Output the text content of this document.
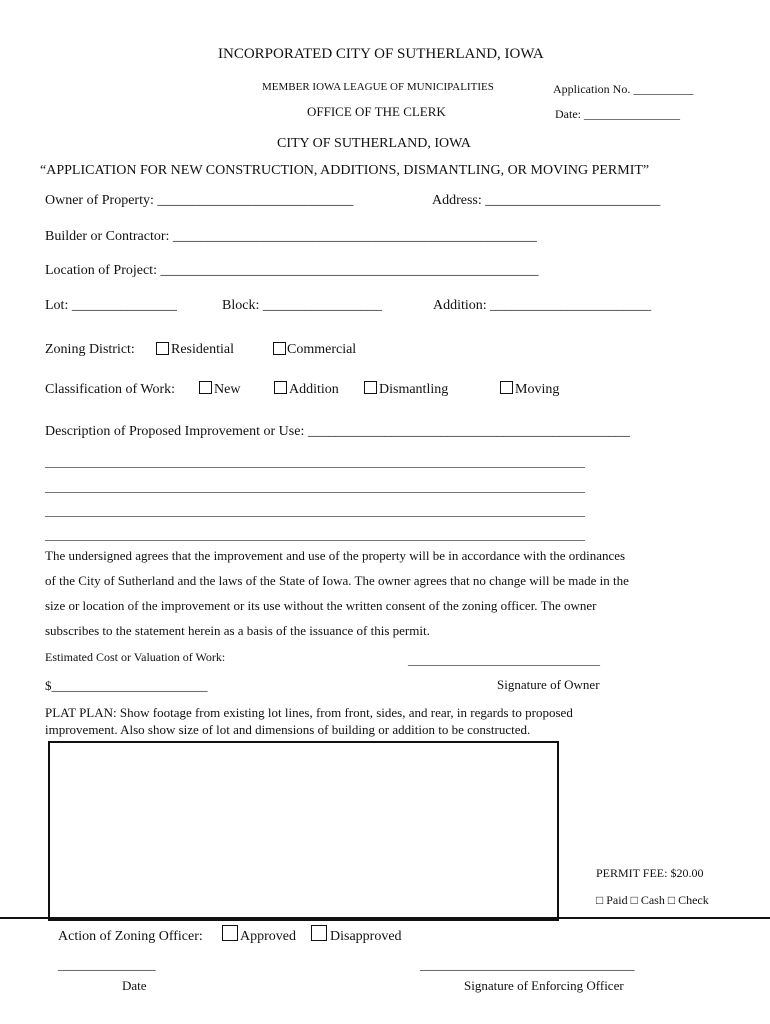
INCORPORATED CITY OF SUTHERLAND, IOWA
MEMBER IOWA LEAGUE OF MUNICIPALITIES	Application No. __________
OFFICE OF THE CLERK	Date: ________________
CITY OF SUTHERLAND, IOWA
“APPLICATION FOR NEW CONSTRUCTION, ADDITIONS, DISMANTLING, OR MOVING PERMIT”
Owner of Property: ____________________________	Address: _________________________
Builder or Contractor: ____________________________________________________
Location of Project: ______________________________________________________
Lot: _______________	Block: _________________	Addition: _______________________
Zoning District:	Residential	Commercial
Classification of Work:	New	Addition	Dismantling	Moving
Description of Proposed Improvement or Use: ______________________________________________
__________________________________________________________________________________________
__________________________________________________________________________________________
__________________________________________________________________________________________
__________________________________________________________________________________________
The undersigned agrees that the improvement and use of the property will be in accordance with the ordinances
of the City of Sutherland and the laws of the State of Iowa. The owner agrees that no change will be made in the
size or location of the improvement or its use without the written consent of the zoning officer. The owner
subscribes to the statement herein as a basis of the issuance of this permit.
Estimated Cost or Valuation of Work:	________________________________
$________________________	Signature of Owner
PLAT PLAN: Show footage from existing lot lines, from front, sides, and rear, in regards to proposed
improvement. Also show size of lot and dimensions of building or addition to be constructed.
PERMIT FEE: $20.00
□ Paid □ Cash □ Check
Action of Zoning Officer:	Approved Disapproved
_______________	_________________________________
Date	Signature of Enforcing Officer
